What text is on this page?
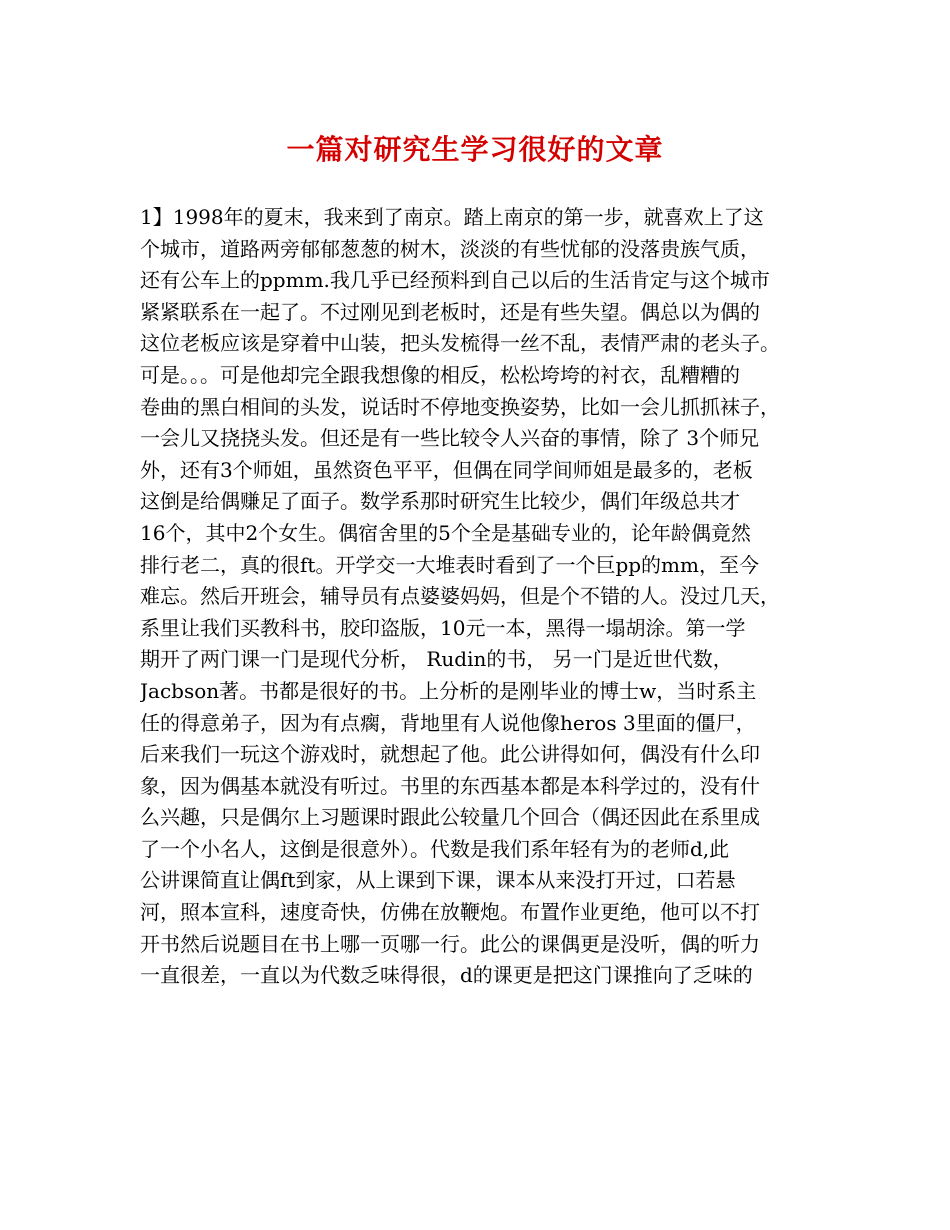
一篇对研究生学习很好的文章
1】1998年的夏末，我来到了南京。踏上南京的第一步，就喜欢上了这
个城市，道路两旁郁郁葱葱的树木，淡淡的有些忧郁的没落贵族气质，
还有公车上的ppmm.我几乎已经预料到自己以后的生活肯定与这个城市
紧紧联系在一起了。不过刚见到老板时，还是有些失望。偶总以为偶的
这位老板应该是穿着中山装，把头发梳得一丝不乱，表情严肃的老头子。
可是。。。可是他却完全跟我想像的相反，松松垮垮的衬衣，乱糟糟的
卷曲的黑白相间的头发，说话时不停地变换姿势，比如一会儿抓抓袜子，
一会儿又挠挠头发。但还是有一些比较令人兴奋的事情，除了 3个师兄
外，还有3个师姐，虽然资色平平，但偶在同学间师姐是最多的，老板
这倒是给偶赚足了面子。数学系那时研究生比较少，偶们年级总共才
16个，其中2个女生。偶宿舍里的5个全是基础专业的，论年龄偶竟然
排行老二，真的很ft。开学交一大堆表时看到了一个巨pp的mm，至今
难忘。然后开班会，辅导员有点婆婆妈妈，但是个不错的人。没过几天，
系里让我们买教科书，胶印盗版，10元一本，黑得一塌胡涂。第一学
期开了两门课一门是现代分析， Rudin的书， 另一门是近世代数，
Jacbson著。书都是很好的书。上分析的是刚毕业的博士w，当时系主
任的得意弟子，因为有点瘸，背地里有人说他像heros 3里面的僵尸，
后来我们一玩这个游戏时，就想起了他。此公讲得如何，偶没有什么印
象，因为偶基本就没有听过。书里的东西基本都是本科学过的，没有什
么兴趣，只是偶尔上习题课时跟此公较量几个回合（偶还因此在系里成
了一个小名人，这倒是很意外）。代数是我们系年轻有为的老师d,此
公讲课简直让偶ft到家，从上课到下课，课本从来没打开过，口若悬
河，照本宣科，速度奇快，仿佛在放鞭炮。布置作业更绝，他可以不打
开书然后说题目在书上哪一页哪一行。此公的课偶更是没听，偶的听力
一直很差，一直以为代数乏味得很，d的课更是把这门课推向了乏味的
